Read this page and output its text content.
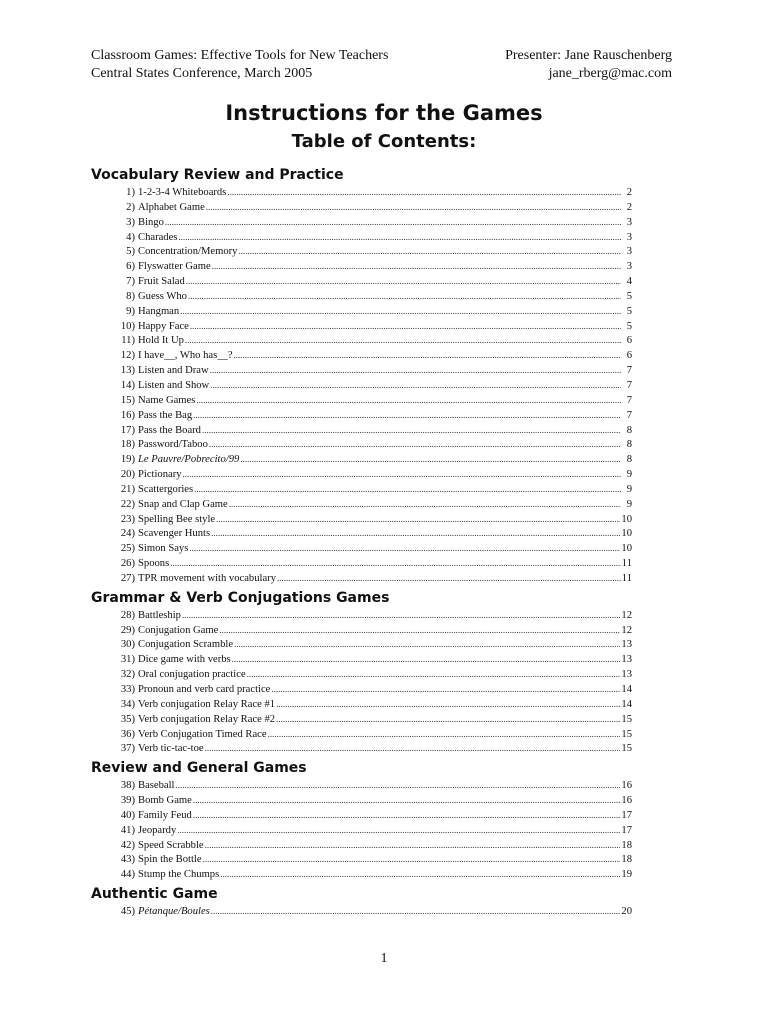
Classroom Games: Effective Tools for New Teachers	Presenter: Jane Rauschenberg
Central States Conference, March 2005	jane_rberg@mac.com
Instructions for the Games
Table of Contents:
Vocabulary Review and Practice
1) 1-2-3-4 Whiteboards .....	2
2) Alphabet Game .....	2
3) Bingo .....	3
4) Charades .....	3
5) Concentration/Memory .....	3
6) Flyswatter Game .....	3
7) Fruit Salad .....	4
8) Guess Who .....	5
9) Hangman .....	5
10) Happy Face .....	5
11) Hold It Up .....	6
12) I have__, Who has__? .....	6
13) Listen and Draw .....	7
14) Listen and Show .....	7
15) Name Games .....	7
16) Pass the Bag .....	7
17) Pass the Board .....	8
18) Password/Taboo .....	8
19) Le Pauvre/Pobrecito/99 .....	8
20) Pictionary .....	9
21) Scattergories .....	9
22) Snap and Clap Game .....	9
23) Spelling Bee style .....	10
24) Scavenger Hunts .....	10
25) Simon Says .....	10
26) Spoons .....	11
27) TPR movement with vocabulary .....	11
Grammar & Verb Conjugations Games
28) Battleship .....	12
29) Conjugation Game .....	12
30) Conjugation Scramble .....	13
31) Dice game with verbs .....	13
32) Oral conjugation practice .....	13
33) Pronoun and verb card practice .....	14
34) Verb conjugation Relay Race #1 .....	14
35) Verb conjugation Relay Race #2 .....	15
36) Verb Conjugation Timed Race .....	15
37) Verb tic-tac-toe .....	15
Review and General Games
38) Baseball .....	16
39) Bomb Game .....	16
40) Family Feud .....	17
41) Jeopardy .....	17
42) Speed Scrabble .....	18
43) Spin the Bottle .....	18
44) Stump the Chumps .....	19
Authentic Game
45) Pétanque/Boules .....	20
1
